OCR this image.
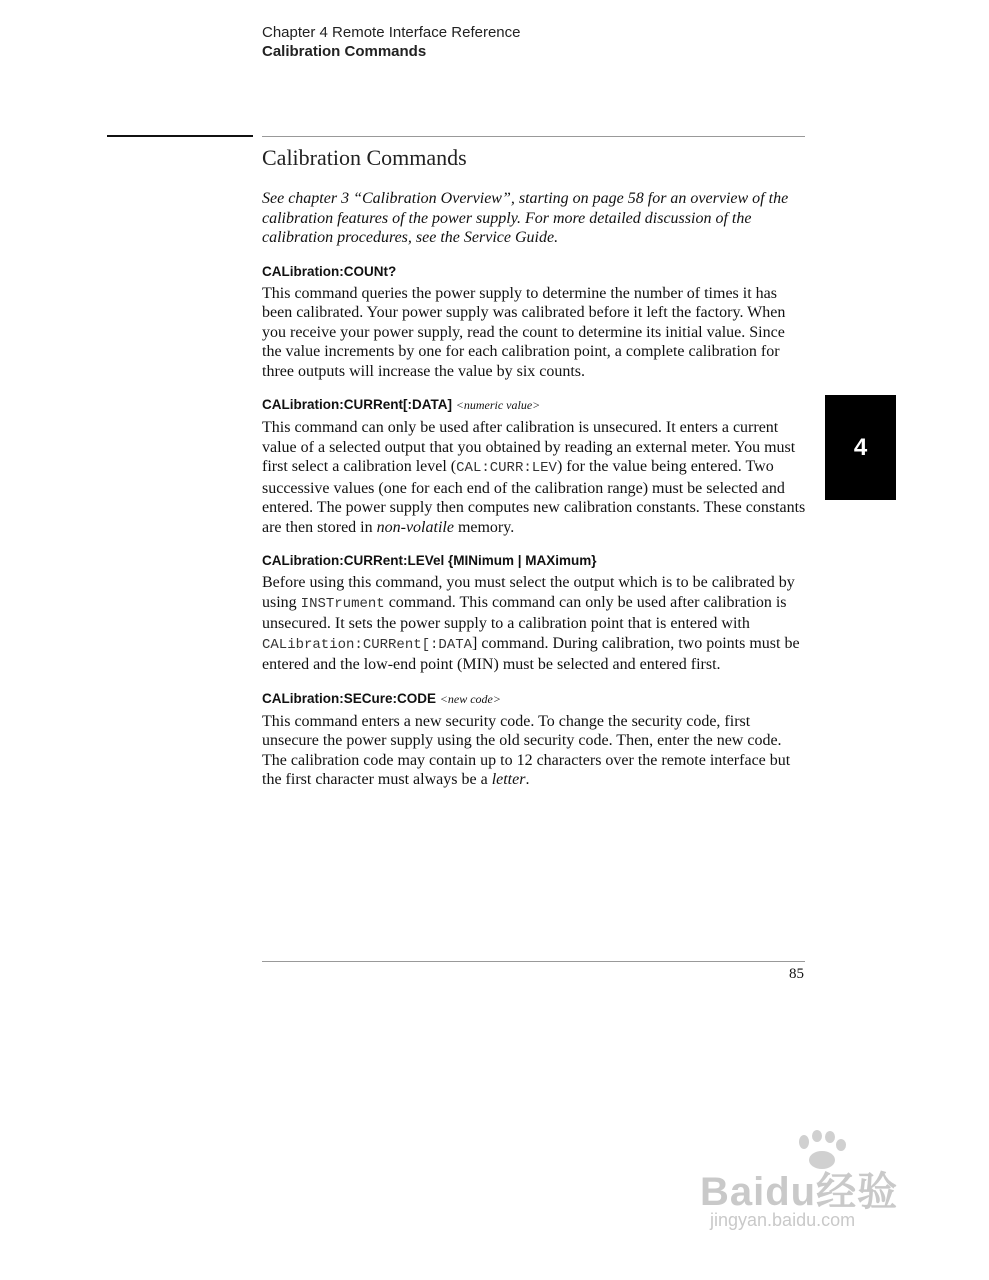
Chapter 4 Remote Interface Reference
Calibration Commands
Calibration Commands

See chapter 3 “Calibration Overview”, starting on page 58 for an overview of the calibration features of the power supply. For more detailed discussion of the calibration procedures, see the Service Guide.

CALibration:COUNt?

This command queries the power supply to determine the number of times it has been calibrated. Your power supply was calibrated before it left the factory. When you receive your power supply, read the count to determine its initial value. Since the value increments by one for each calibration point, a complete calibration for three outputs will increase the value by six counts.

CALibration:CURRent[:DATA] <numeric value>

This command can only be used after calibration is unsecured. It enters a current value of a selected output that you obtained by reading an external meter. You must first select a calibration level (CAL:CURR:LEV) for the value being entered. Two successive values (one for each end of the calibration range) must be selected and entered. The power supply then computes new calibration constants. These constants are then stored in non-volatile memory.

CALibration:CURRent:LEVel {MINimum | MAXimum}

Before using this command, you must select the output which is to be calibrated by using INSTrument command. This command can only be used after calibration is unsecured. It sets the power supply to a calibration point that is entered with CALibration:CURRent[:DATA] command. During calibration, two points must be entered and the low-end point (MIN) must be selected and entered first.

CALibration:SECure:CODE <new code>

This command enters a new security code. To change the security code, first unsecure the power supply using the old security code. Then, enter the new code. The calibration code may contain up to 12 characters over the remote interface but the first character must always be a letter.

4
85
Baidu经验
jingyan.baidu.com
